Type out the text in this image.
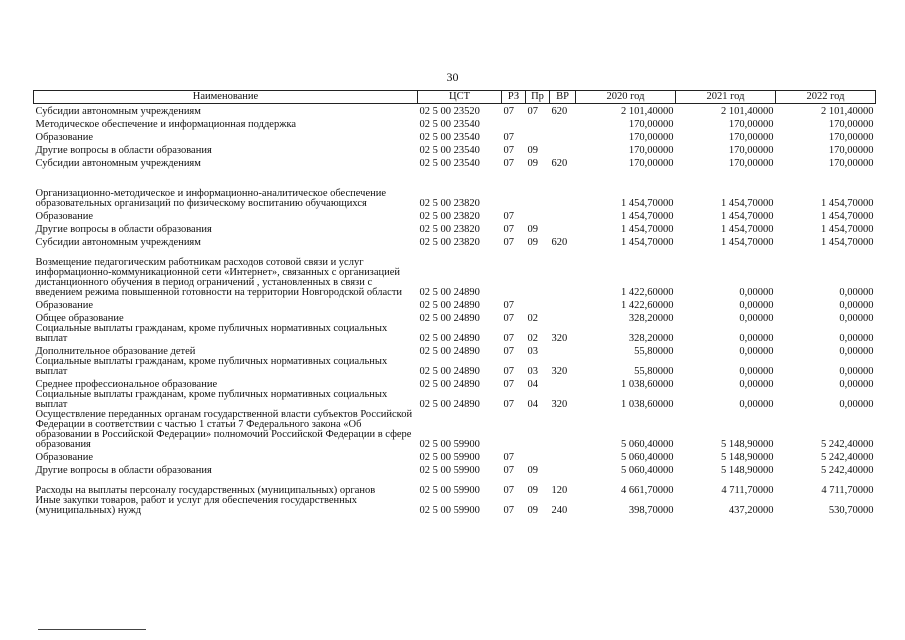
30
Наименование	ЦСТ	РЗ	Пр	ВР	2020 год	2021 год	2022 год
Субсидии автономным учреждениям	02 5 00 23520	07	07	620	2 101,40000	2 101,40000	2 101,40000
Методическое обеспечение и информационная поддержка	02 5 00 23540				170,00000	170,00000	170,00000
Образование	02 5 00 23540	07			170,00000	170,00000	170,00000
Другие вопросы в области образования	02 5 00 23540	07	09		170,00000	170,00000	170,00000
Субсидии автономным учреждениям	02 5 00 23540	07	09	620	170,00000	170,00000	170,00000
Организационно-методическое и информационно-аналитическое обеспечение образовательных организаций по физическому воспитанию обучающихся	02 5 00 23820				1 454,70000	1 454,70000	1 454,70000
Образование	02 5 00 23820	07			1 454,70000	1 454,70000	1 454,70000
Другие вопросы в области образования	02 5 00 23820	07	09		1 454,70000	1 454,70000	1 454,70000
Субсидии автономным учреждениям	02 5 00 23820	07	09	620	1 454,70000	1 454,70000	1 454,70000
Возмещение педагогическим работникам расходов сотовой связи и услуг информационно-коммуникационной сети «Интернет», связанных с организацией дистанционного обучения в период ограничений , установленных в связи с введением режима повышенной готовности на территории Новгородской области	02 5 00 24890				1 422,60000	0,00000	0,00000
Образование	02 5 00 24890	07			1 422,60000	0,00000	0,00000
Общее образование	02 5 00 24890	07	02		328,20000	0,00000	0,00000
Социальные выплаты гражданам, кроме публичных нормативных социальных выплат	02 5 00 24890	07	02	320	328,20000	0,00000	0,00000
Дополнительное образование детей	02 5 00 24890	07	03		55,80000	0,00000	0,00000
Социальные выплаты гражданам, кроме публичных нормативных социальных выплат	02 5 00 24890	07	03	320	55,80000	0,00000	0,00000
Среднее профессиональное образование	02 5 00 24890	07	04		1 038,60000	0,00000	0,00000
Социальные выплаты гражданам, кроме публичных нормативных социальных выплат	02 5 00 24890	07	04	320	1 038,60000	0,00000	0,00000
Осуществление переданных органам государственной власти субъектов Российской Федерации в соответствии с частью 1 статьи 7 Федерального закона «Об образовании в Российской Федерации» полномочий Российской Федерации в сфере образования	02 5 00 59900				5 060,40000	5 148,90000	5 242,40000
Образование	02 5 00 59900	07			5 060,40000	5 148,90000	5 242,40000
Другие вопросы в области образования	02 5 00 59900	07	09		5 060,40000	5 148,90000	5 242,40000
Расходы на выплаты персоналу государственных (муниципальных) органов	02 5 00 59900	07	09	120	4 661,70000	4 711,70000	4 711,70000
Иные закупки товаров, работ и услуг для обеспечения государственных (муниципальных) нужд	02 5 00 59900	07	09	240	398,70000	437,20000	530,70000
